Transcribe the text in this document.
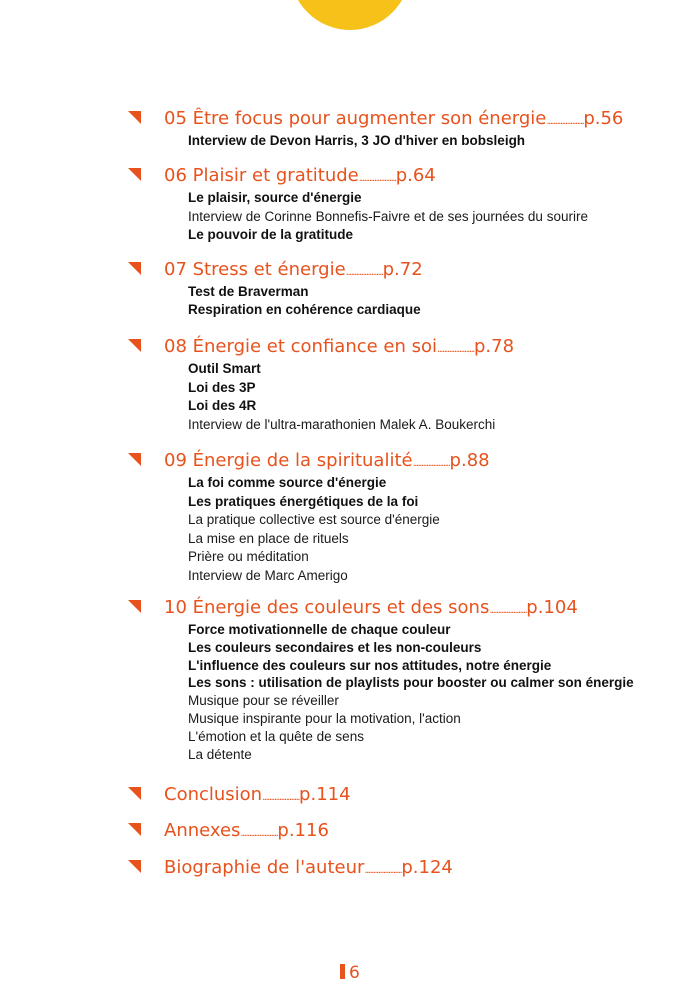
05 Être focus pour augmenter son énergie......................p.56
Interview de Devon Harris, 3 JO d'hiver en bobsleigh
06 Plaisir et gratitude......................p.64
Le plaisir, source d'énergie
Interview de Corinne Bonnefis-Faivre et de ses journées du sourire
Le pouvoir de la gratitude
07 Stress et énergie......................p.72
Test de Braverman
Respiration en cohérence cardiaque
08 Énergie et confiance en soi......................p.78
Outil Smart
Loi des 3P
Loi des 4R
Interview de l'ultra-marathonien Malek A. Boukerchi
09 Énergie de la spiritualité......................p.88
La foi comme source d'énergie
Les pratiques énergétiques de la foi
La pratique collective est source d'énergie
La mise en place de rituels
Prière ou méditation
Interview de Marc Amerigo
10 Énergie des couleurs et des sons......................p.104
Force motivationnelle de chaque couleur
Les couleurs secondaires et les non-couleurs
L'influence des couleurs sur nos attitudes, notre énergie
Les sons : utilisation de playlists pour booster ou calmer son énergie
Musique pour se réveiller
Musique inspirante pour la motivation, l'action
L'émotion et la quête de sens
La détente
Conclusion......................p.114
Annexes......................p.116
Biographie de l'auteur......................p.124
6
